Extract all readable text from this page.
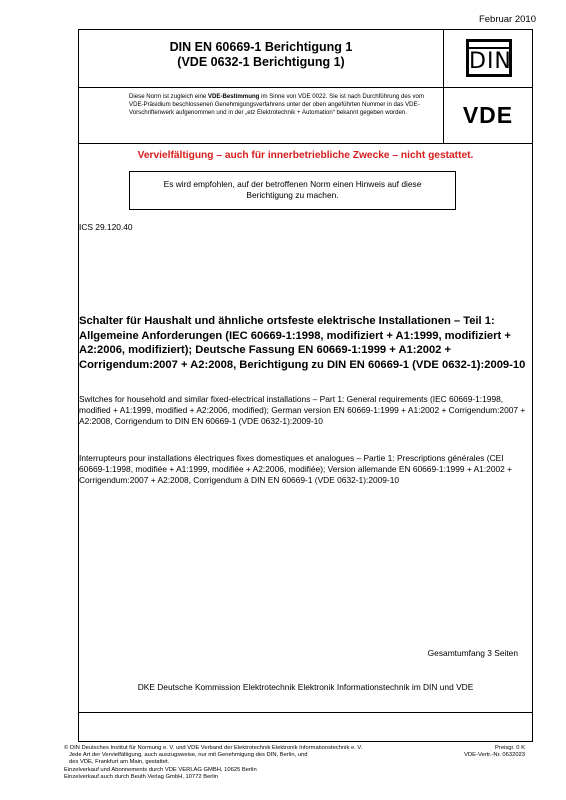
Februar 2010
DIN EN 60669-1 Berichtigung 1
(VDE 0632-1 Berichtigung 1)	DIN
Diese Norm ist zugleich eine VDE-Bestimmung im Sinne von VDE 0022. Sie ist nach Durchführung des vom VDE-Präsidium beschlossenen Genehmigungsverfahrens unter der oben angeführten Nummer in das VDE-Vorschriftenwerk aufgenommen und in der „etz Elektrotechnik + Automation“ bekannt gegeben worden.	VDE
Vervielfältigung – auch für innerbetriebliche Zwecke – nicht gestattet.
Es wird empfohlen, auf der betroffenen Norm einen Hinweis auf diese Berichtigung zu machen.
ICS 29.120.40
Schalter für Haushalt und ähnliche ortsfeste elektrische Installationen – Teil 1: Allgemeine Anforderungen (IEC 60669-1:1998, modifiziert + A1:1999, modifiziert + A2:2006, modifiziert); Deutsche Fassung EN 60669-1:1999 + A1:2002 + Corrigendum:2007 + A2:2008, Berichtigung zu DIN EN 60669-1 (VDE 0632-1):2009-10
Switches for household and similar fixed-electrical installations – Part 1: General requirements (IEC 60669-1:1998, modified + A1:1999, modified + A2:2006, modified); German version EN 60669-1:1999 + A1:2002 + Corrigendum:2007 + A2:2008, Corrigendum to DIN EN 60669-1 (VDE 0632-1):2009-10
Interrupteurs pour installations électriques fixes domestiques et analogues – Partie 1: Prescriptions générales (CEI 60669-1:1998, modifiée + A1:1999, modifiée + A2:2006, modifiée); Version allemande EN 60669-1:1999 + A1:2002 + Corrigendum:2007 + A2:2008, Corrigendum à DIN EN 60669-1 (VDE 0632-1):2009-10
Gesamtumfang 3 Seiten
DKE Deutsche Kommission Elektrotechnik Elektronik Informationstechnik im DIN und VDE
© DIN Deutsches Institut für Normung e. V. und VDE Verband der Elektrotechnik Elektronik Informationstechnik e. V.
Jede Art der Vervielfältigung, auch auszugsweise, nur mit Genehmigung des DIN, Berlin, und
des VDE, Frankfurt am Main, gestattet.
Einzelverkauf und Abonnements durch VDE VERLAG GMBH, 10625 Berlin
Einzelverkauf auch durch Beuth Verlag GmbH, 10772 Berlin
Preisgr. 0 K
VDE-Vertr.-Nr. 0632023
